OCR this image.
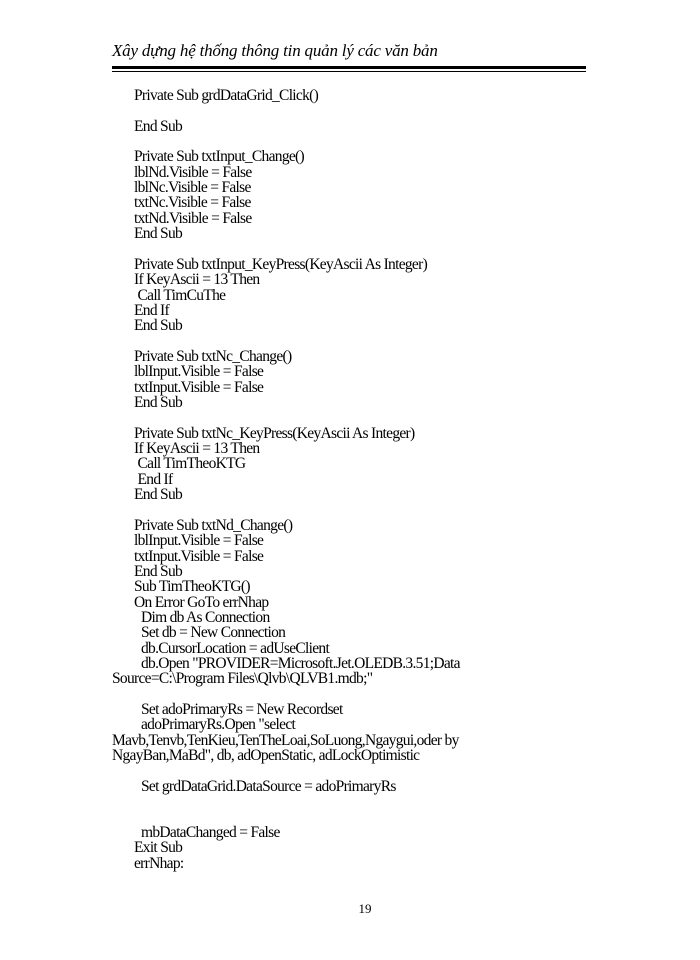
Xây dựng hệ thống thông tin quản lý các văn bản
Private Sub grdDataGrid_Click()
End Sub
Private Sub txtInput_Change()
lblNd.Visible = False
lblNc.Visible = False
txtNc.Visible = False
txtNd.Visible = False
End Sub
Private Sub txtInput_KeyPress(KeyAscii As Integer)
If KeyAscii = 13 Then
Call TimCuThe
End If
End Sub
Private Sub txtNc_Change()
lblInput.Visible = False
txtInput.Visible = False
End Sub
Private Sub txtNc_KeyPress(KeyAscii As Integer)
If KeyAscii = 13 Then
Call TimTheoKTG
End If
End Sub
Private Sub txtNd_Change()
lblInput.Visible = False
txtInput.Visible = False
End Sub
Sub TimTheoKTG()
On Error GoTo errNhap
Dim db As Connection
Set db = New Connection
db.CursorLocation = adUseClient
db.Open "PROVIDER=Microsoft.Jet.OLEDB.3.51;Data
Source=C:\Program Files\Qlvb\QLVB1.mdb;"
Set adoPrimaryRs = New Recordset
adoPrimaryRs.Open "select
Mavb,Tenvb,TenKieu,TenTheLoai,SoLuong,Ngaygui,oder by
NgayBan,MaBd", db, adOpenStatic, adLockOptimistic
Set grdDataGrid.DataSource = adoPrimaryRs
mbDataChanged = False
Exit Sub
errNhap:
19
